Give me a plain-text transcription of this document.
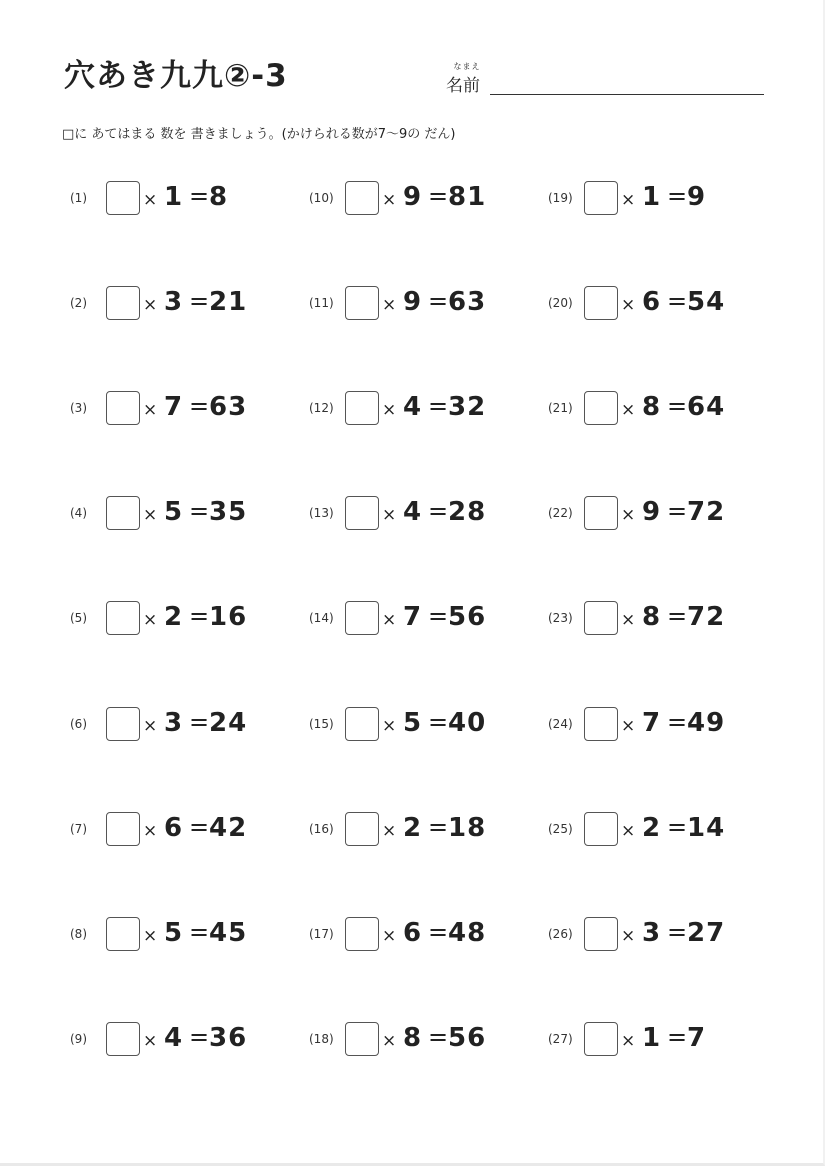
穴あき九九②-3	なまえ
名前
□に あてはまる 数を 書きましょう。(かけられる数が7〜9の だん)
(1)	× 1 = 8
(2)	× 3 = 21
(3)	× 7 = 63
(4)	× 5 = 35
(5)	× 2 = 16
(6)	× 3 = 24
(7)	× 6 = 42
(8)	× 5 = 45
(9)	× 4 = 36
(10)	× 9 = 81
(11)	× 9 = 63
(12)	× 4 = 32
(13)	× 4 = 28
(14)	× 7 = 56
(15)	× 5 = 40
(16)	× 2 = 18
(17)	× 6 = 48
(18)	× 8 = 56
(19)	× 1 = 9
(20)	× 6 = 54
(21)	× 8 = 64
(22)	× 9 = 72
(23)	× 8 = 72
(24)	× 7 = 49
(25)	× 2 = 14
(26)	× 3 = 27
(27)	× 1 = 7
